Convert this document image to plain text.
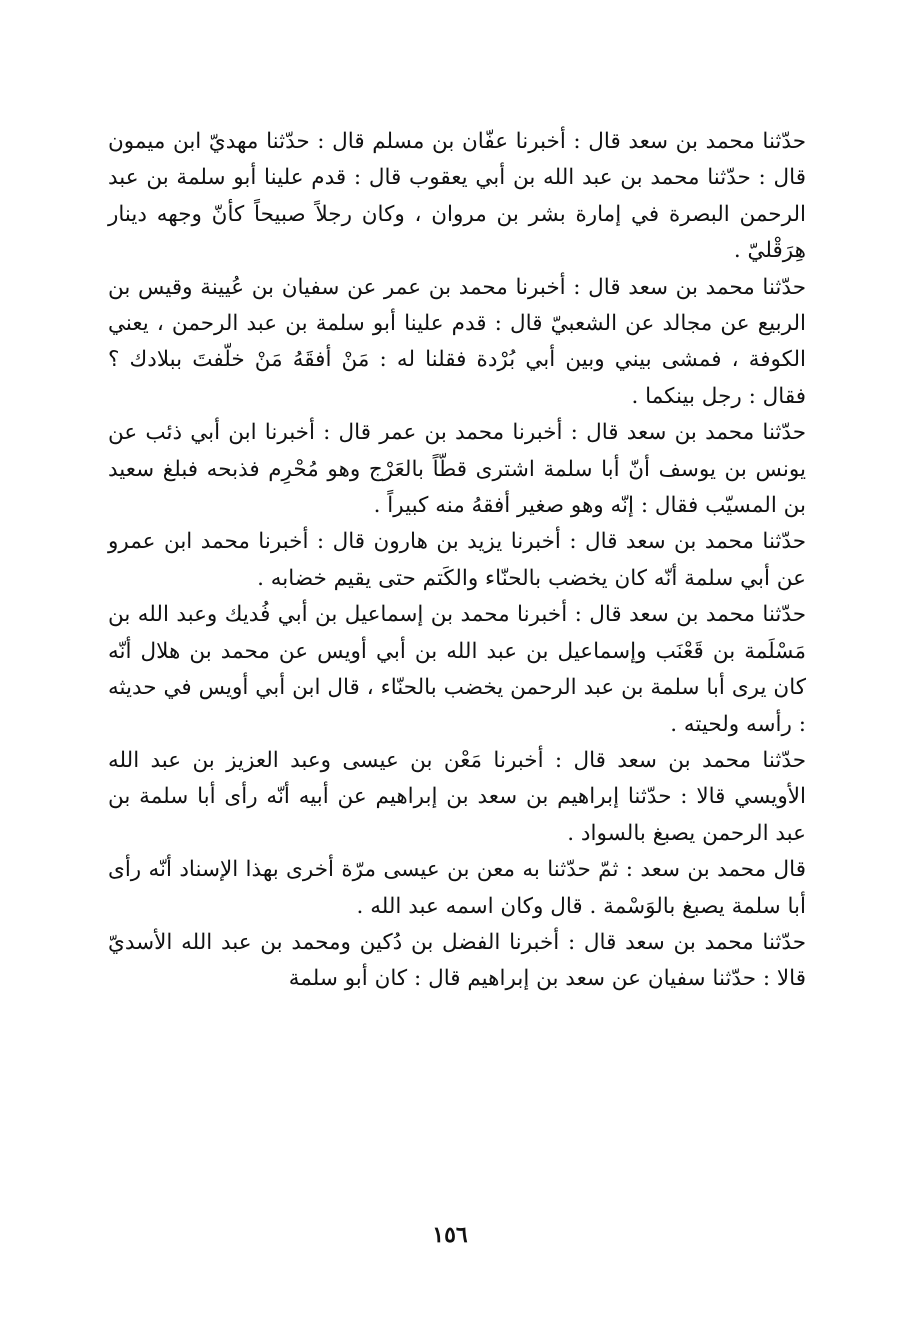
حدّثنا محمد بن سعد قال : أخبرنا عفّان بن مسلم قال : حدّثنا مهديّ ابن ميمون قال : حدّثنا محمد بن عبد الله بن أبي يعقوب قال : قدم علينا أبو سلمة بن عبد الرحمن البصرة في إمارة بشر بن مروان ، وكان رجلاً صبيحاً كأنّ وجهه دينار هِرَقْليّ .

حدّثنا محمد بن سعد قال : أخبرنا محمد بن عمر عن سفيان بن عُيينة وقيس بن الربيع عن مجالد عن الشعبيّ قال : قدم علينا أبو سلمة بن عبد الرحمن ، يعني الكوفة ، فمشى بيني وبين أبي بُرْدة فقلنا له : مَنْ أفقَهُ مَنْ خلّفتَ ببلادك ؟ فقال : رجل بينكما .

حدّثنا محمد بن سعد قال : أخبرنا محمد بن عمر قال : أخبرنا ابن أبي ذئب عن يونس بن يوسف أنّ أبا سلمة اشترى قطّاً بالعَرْج وهو مُحْرِم فذبحه فبلغ سعيد بن المسيّب فقال : إنّه وهو صغير أفقهُ منه كبيراً .

حدّثنا محمد بن سعد قال : أخبرنا يزيد بن هارون قال : أخبرنا محمد ابن عمرو عن أبي سلمة أنّه كان يخضب بالحنّاء والكَتم حتى يقيم خضابه .

حدّثنا محمد بن سعد قال : أخبرنا محمد بن إسماعيل بن أبي فُديك وعبد الله بن مَسْلَمة بن قَعْنَب وإسماعيل بن عبد الله بن أبي أويس عن محمد بن هلال أنّه كان يرى أبا سلمة بن عبد الرحمن يخضب بالحنّاء ، قال ابن أبي أويس في حديثه : رأسه ولحيته .

حدّثنا محمد بن سعد قال : أخبرنا مَعْن بن عيسى وعبد العزيز بن عبد الله الأويسي قالا : حدّثنا إبراهيم بن سعد بن إبراهيم عن أبيه أنّه رأى أبا سلمة بن عبد الرحمن يصبغ بالسواد .

قال محمد بن سعد : ثمّ حدّثنا به معن بن عيسى مرّة أخرى بهذا الإسناد أنّه رأى أبا سلمة يصبغ بالوَسْمة . قال وكان اسمه عبد الله .

حدّثنا محمد بن سعد قال : أخبرنا الفضل بن دُكين ومحمد بن عبد الله الأسديّ قالا : حدّثنا سفيان عن سعد بن إبراهيم قال : كان أبو سلمة

١٥٦
